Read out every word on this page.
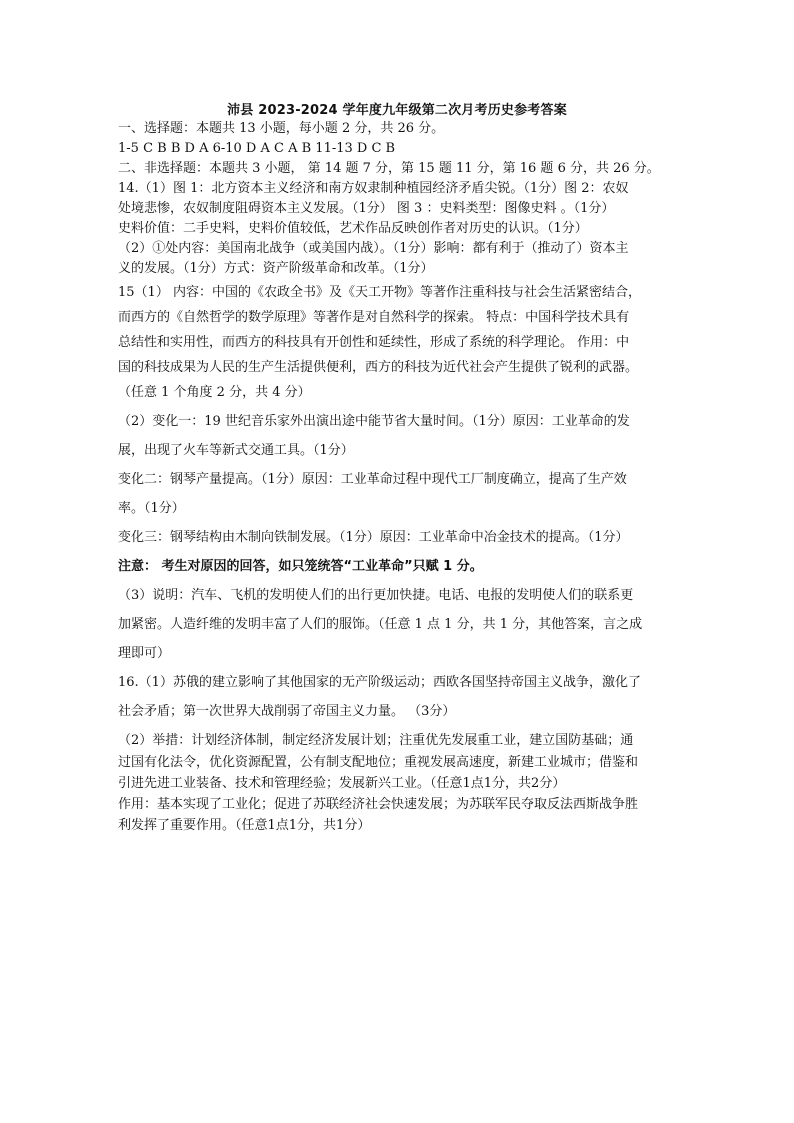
沛县 2023-2024 学年度九年级第二次月考历史参考答案
一、选择题：本题共 13 小题，每小题 2 分，共 26 分。
1-5 C B B D A 6-10 D A C A B 11-13 D C B
二、非选择题：本题共 3 小题， 第 14 题 7 分，第 15 题 11 分，第 16 题 6 分，共 26 分。
14.（1）图 1：北方资本主义经济和南方奴隶制种植园经济矛盾尖锐。（1分）图 2：农奴
处境悲惨，农奴制度阻碍资本主义发展。（1分） 图 3 ：史料类型：图像史料 。（1分）
史料价值：二手史料，史料价值较低，艺术作品反映创作者对历史的认识。（1分）
（2）①处内容：美国南北战争（或美国内战）。（1分）影响：都有利于（推动了）资本主
义的发展。（1分）方式：资产阶级革命和改革。（1分）
15（1） 内容：中国的《农政全书》及《天工开物》等著作注重科技与社会生活紧密结合，
而西方的《自然哲学的数学原理》等著作是对自然科学的探索。 特点：中国科学技术具有
总结性和实用性，而西方的科技具有开创性和延续性，形成了系统的科学理论。 作用：中
国的科技成果为人民的生产生活提供便利，西方的科技为近代社会产生提供了锐利的武器。
（任意 1 个角度 2 分，共 4 分）
（2）变化一：19 世纪音乐家外出演出途中能节省大量时间。（1分）原因：工业革命的发
展，出现了火车等新式交通工具。（1分）
变化二：钢琴产量提高。（1分）原因：工业革命过程中现代工厂制度确立，提高了生产效
率。（1分）
变化三：钢琴结构由木制向铁制发展。（1分）原因：工业革命中冶金技术的提高。（1分）
注意： 考生对原因的回答，如只笼统答“工业革命”只赋 1 分。
（3）说明：汽车、飞机的发明使人们的出行更加快捷。电话、电报的发明使人们的联系更
加紧密。人造纤维的发明丰富了人们的服饰。（任意 1 点 1 分，共 1 分，其他答案，言之成
理即可）
16.（1）苏俄的建立影响了其他国家的无产阶级运动；西欧各国坚持帝国主义战争，激化了
社会矛盾；第一次世界大战削弱了帝国主义力量。 （3分）
（2）举措：计划经济体制，制定经济发展计划；注重优先发展重工业，建立国防基础；通
过国有化法令，优化资源配置，公有制支配地位；重视发展高速度，新建工业城市；借鉴和
引进先进工业装备、技术和管理经验；发展新兴工业。（任意1点1分，共2分）
作用：基本实现了工业化；促进了苏联经济社会快速发展；为苏联军民夺取反法西斯战争胜
利发挥了重要作用。（任意1点1分，共1分）
